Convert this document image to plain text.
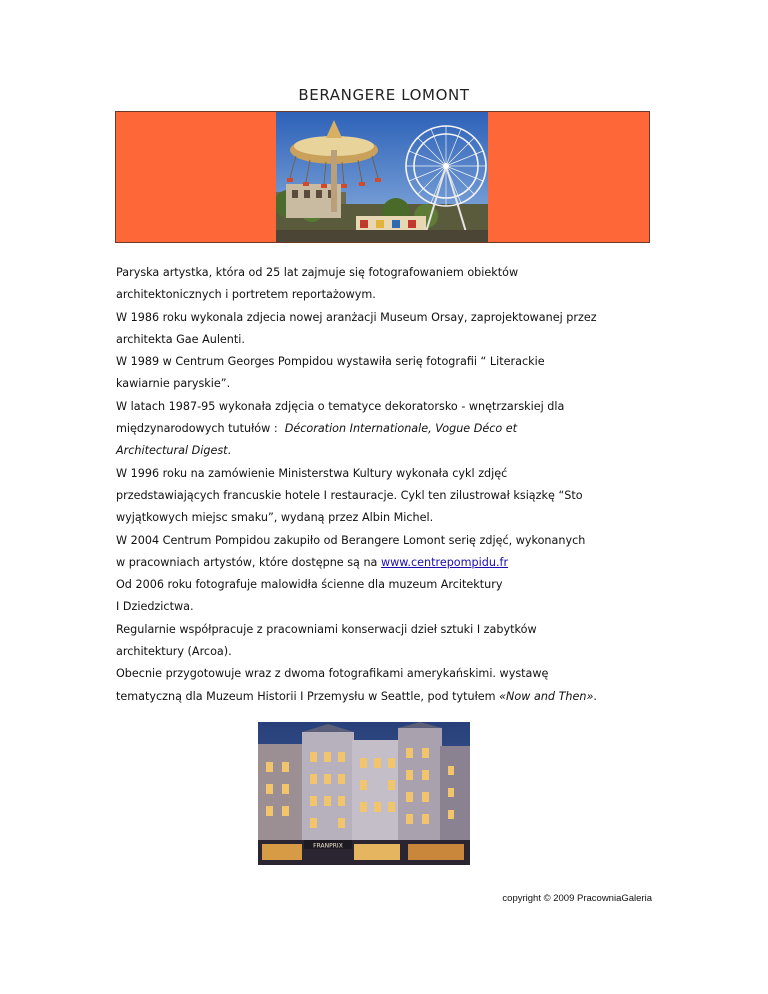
BERANGERE LOMONT

Paryska artystka, która od 25 lat zajmuje się fotografowaniem obiektów

architektonicznych i portretem reportażowym.

W 1986 roku wykonala zdjecia nowej aranżacji Museum Orsay, zaprojektowanej przez

architekta Gae Aulenti.

W 1989 w Centrum Georges Pompidou wystawiła serię fotografii “ Literackie

kawiarnie paryskie”.

W latach 1987-95 wykonała zdjęcia o tematyce dekoratorsko - wnętrzarskiej dla

międzynarodowych tutułów : Décoration Internationale, Vogue Déco et

Architectural Digest.

W 1996 roku na zamówienie Ministerstwa Kultury wykonała cykl zdjęć

przedstawiających francuskie hotele I restauracje. Cykl ten zilustrował ksiązkę “Sto

wyjątkowych miejsc smaku”, wydaną przez Albin Michel.

W 2004 Centrum Pompidou zakupiło od Berangere Lomont serię zdjęć, wykonanych

w pracowniach artystów, które dostępne są na www.centrepompidu.fr

Od 2006 roku fotografuje malowidła ścienne dla muzeum Arcitektury

I Dziedzictwa.

Regularnie współpracuje z pracowniami konserwacji dzieł sztuki I zabytków

architektury (Arcoa).

Obecnie przygotowuje wraz z dwoma fotografikami amerykańskimi. wystawę

tematyczną dla Muzeum Historii I Przemysłu w Seattle, pod tytułem «Now and Then».

FRANPRIX
copyright © 2009 PracowniaGaleria
